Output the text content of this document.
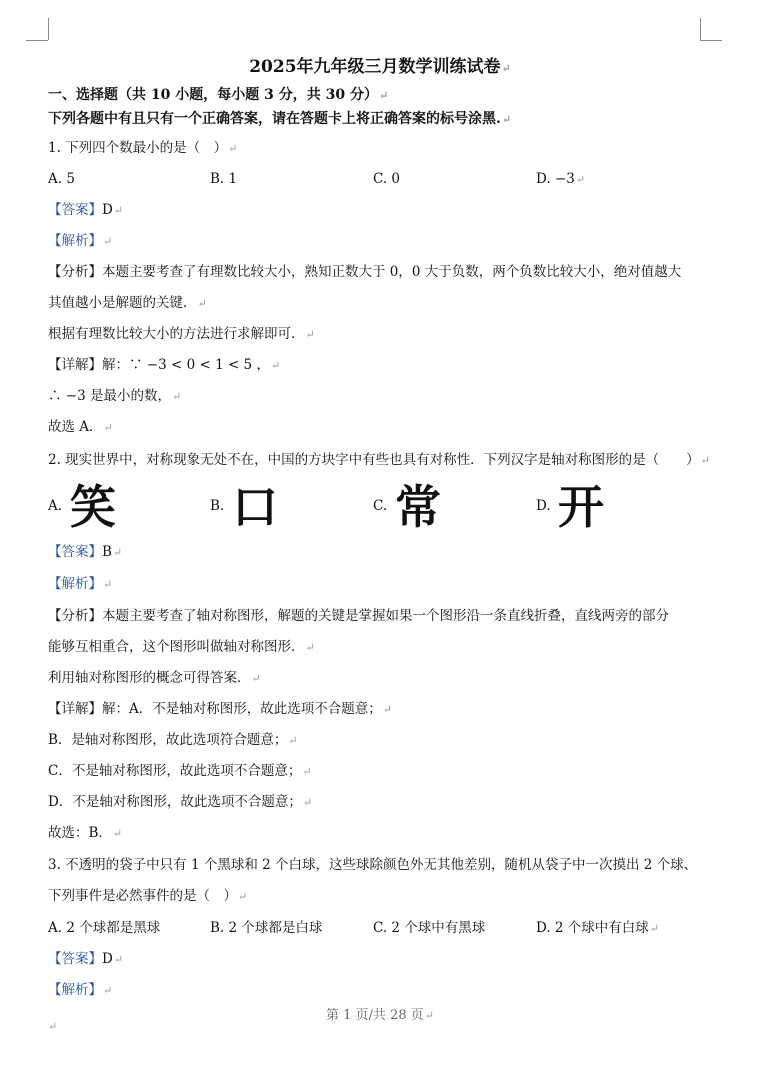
2025年九年级三月数学训练试卷↵
一、选择题（共 10 小题，每小题 3 分，共 30 分）↵
下列各题中有且只有一个正确答案，请在答题卡上将正确答案的标号涂黑.↵
1. 下列四个数最小的是（　）↵
A. 5	B. 1	C. 0	D. −3↵
【答案】D↵
【解析】↵
【分析】本题主要考查了有理数比较大小，熟知正数大于 0，0 大于负数，两个负数比较大小，绝对值越大
其值越小是解题的关键．↵
根据有理数比较大小的方法进行求解即可．↵
【详解】解：∵ −3 < 0 < 1 < 5 ，↵
∴ −3 是最小的数，↵
故选 A．↵
2. 现实世界中，对称现象无处不在，中国的方块字中有些也具有对称性．下列汉字是轴对称图形的是（　　）↵
A. 笑	B. 口	C. 常	D. 开
【答案】B↵
【解析】↵
【分析】本题主要考查了轴对称图形，解题的关键是掌握如果一个图形沿一条直线折叠，直线两旁的部分
能够互相重合，这个图形叫做轴对称图形．↵
利用轴对称图形的概念可得答案．↵
【详解】解：A．不是轴对称图形，故此选项不合题意；↵
B．是轴对称图形，故此选项符合题意；↵
C．不是轴对称图形，故此选项不合题意；↵
D．不是轴对称图形，故此选项不合题意；↵
故选：B．↵
3. 不透明的袋子中只有 1 个黑球和 2 个白球，这些球除颜色外无其他差别，随机从袋子中一次摸出 2 个球、
下列事件是必然事件的是（　）↵
A. 2 个球都是黑球	B. 2 个球都是白球	C. 2 个球中有黑球	D. 2 个球中有白球↵
【答案】D↵
【解析】↵
第 1 页/共 28 页↵
↵
